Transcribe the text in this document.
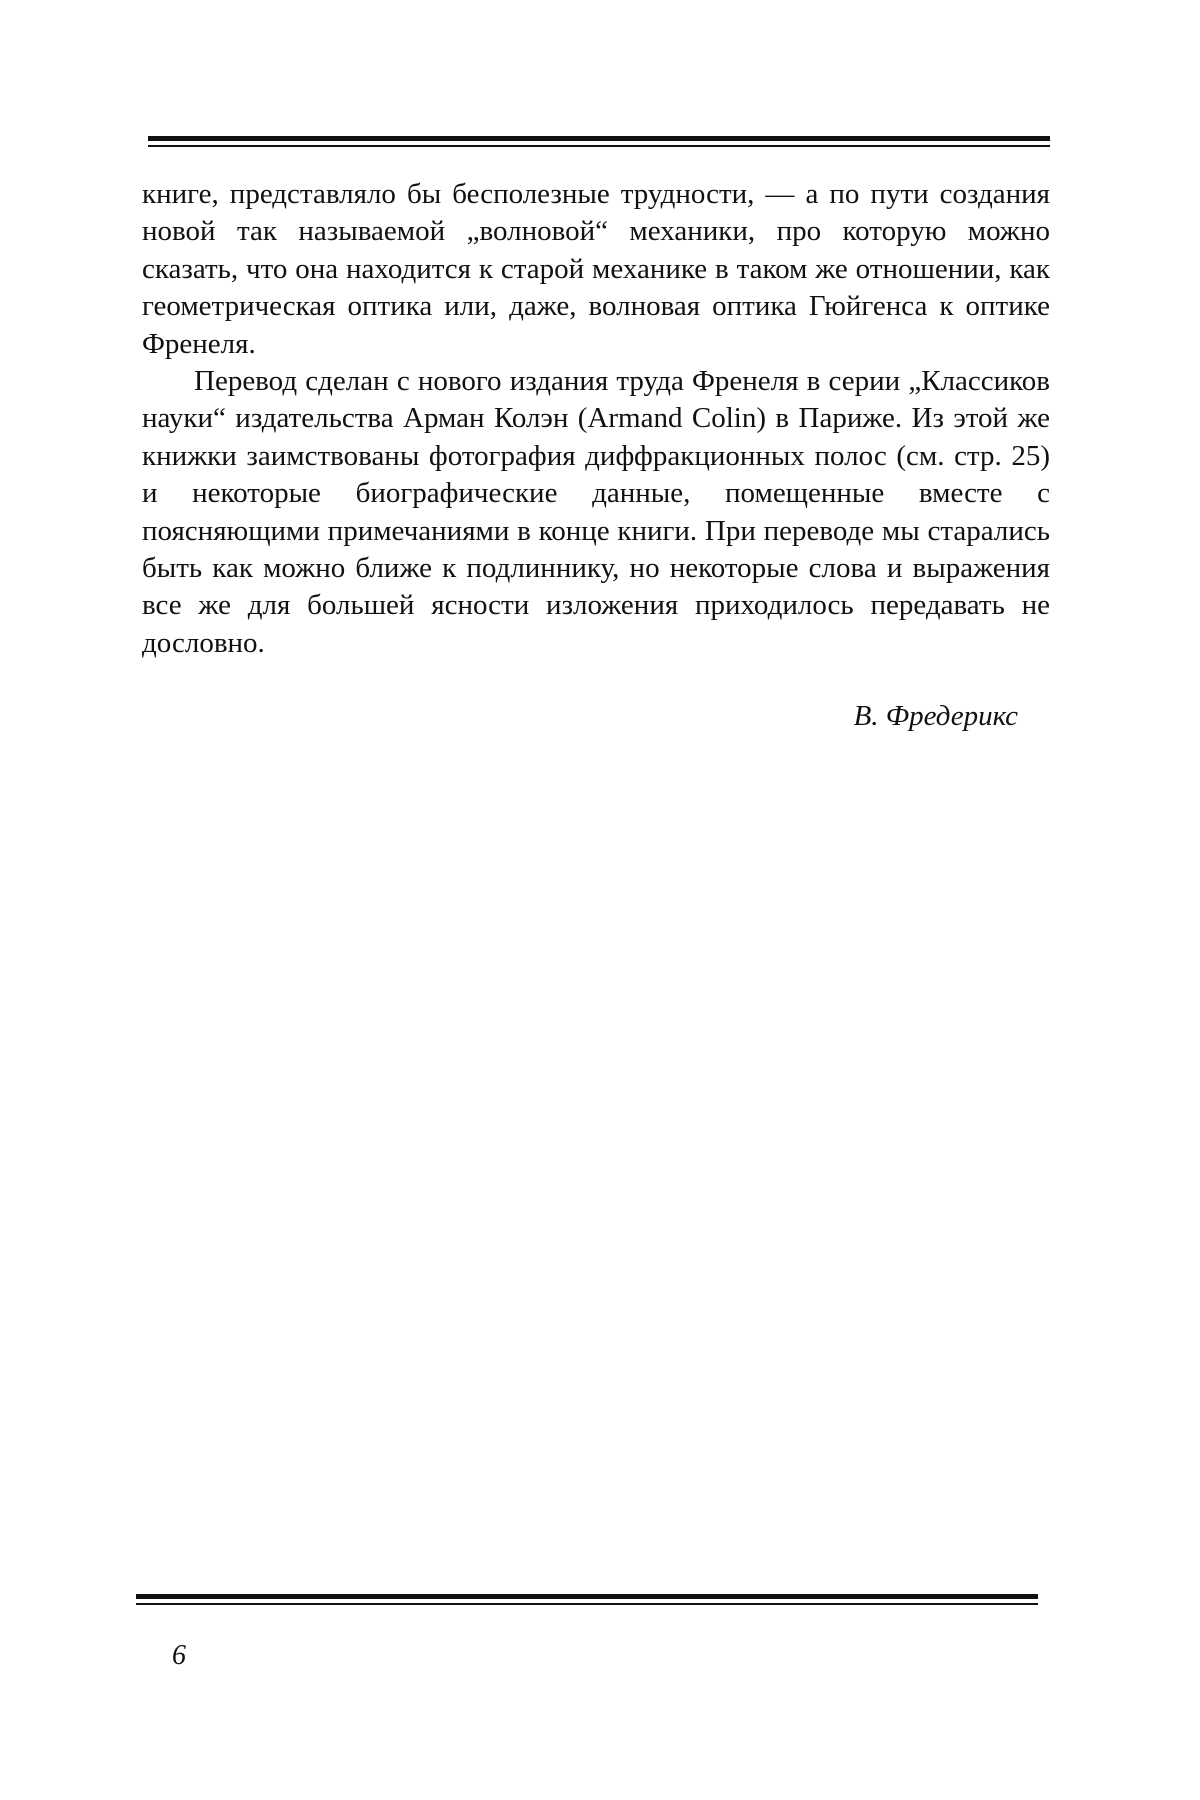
книге, представляло бы бесполезные трудности, — а по пути создания новой так называемой „волновой“ механики, про которую можно сказать, что она находится к старой механике в таком же отношении, как геометрическая оптика или, даже, волновая оптика Гюйгенса к оптике Френеля.

Перевод сделан с нового издания труда Френеля в серии „Классиков науки“ издательства Арман Колэн (Armand Colin) в Париже. Из этой же книжки заимствованы фотография диффракционных полос (см. стр. 25) и некоторые биографические данные, помещенные вместе с поясняющими примечаниями в конце книги. При переводе мы старались быть как можно ближе к подлиннику, но некоторые слова и выражения все же для большей ясности изложения приходилось передавать не дословно.

В. Фредерикс
6
